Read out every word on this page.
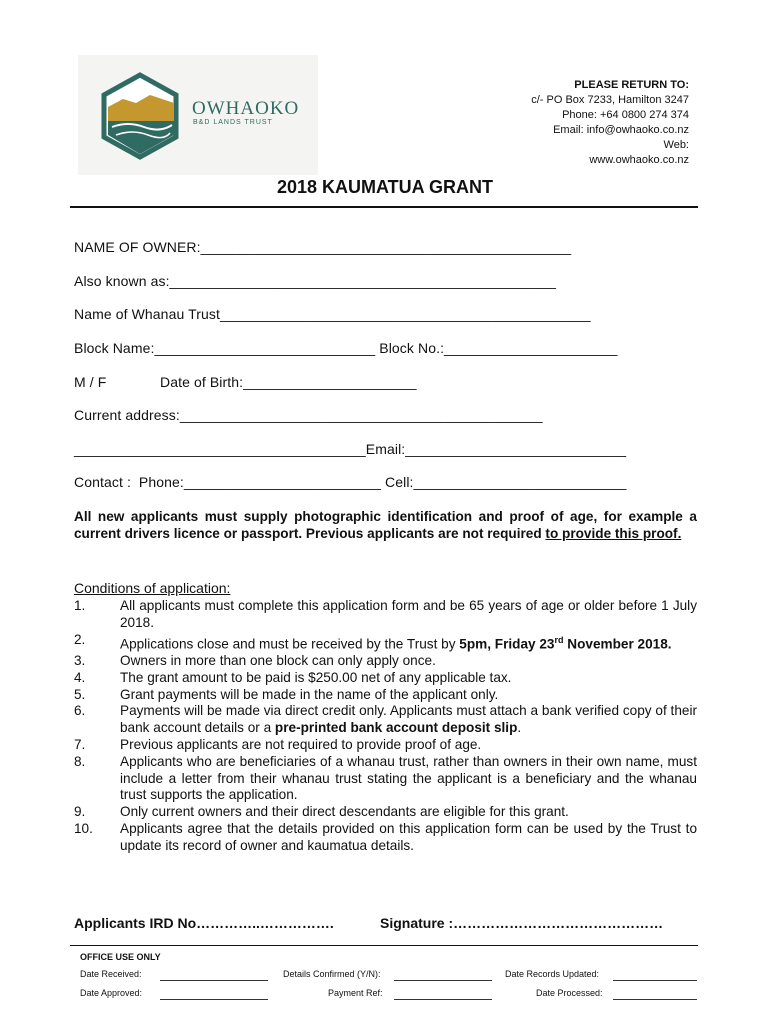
OWHAOKO
B&D LANDS TRUST
PLEASE RETURN TO:
c/- PO Box 7233, Hamilton 3247
Phone: +64 0800 274 374
Email: info@owhaoko.co.nz
Web:
www.owhaoko.co.nz
2018 KAUMATUA GRANT
NAME OF OWNER:_______________________________________________
Also known as:_________________________________________________
Name of Whanau Trust_______________________________________________
Block Name:____________________________ Block No.:______________________
M / F	Date of Birth:______________________
Current address:______________________________________________
_____________________________________Email:____________________________
Contact :  Phone:_________________________ Cell:___________________________
All new applicants must supply photographic identification and proof of age, for example a current drivers licence or passport. Previous applicants are not required to provide this proof.
Conditions of application:
1.	All applicants must complete this application form and be 65 years of age or older before 1 July 2018.
2.	Applications close and must be received by the Trust by 5pm, Friday 23rd November 2018.
3.	Owners in more than one block can only apply once.
4.	The grant amount to be paid is $250.00 net of any applicable tax.
5.	Grant payments will be made in the name of the applicant only.
6.	Payments will be made via direct credit only. Applicants must attach a bank verified copy of their bank account details or a pre-printed bank account deposit slip.
7.	Previous applicants are not required to provide proof of age.
8.	Applicants who are beneficiaries of a whanau trust, rather than owners in their own name, must include a letter from their whanau trust stating the applicant is a beneficiary and the whanau trust supports the application.
9.	Only current owners and their direct descendants are eligible for this grant.
10.	Applicants agree that the details provided on this application form can be used by the Trust to update its record of owner and kaumatua details.
Applicants IRD No…………..…………….	Signature :………………………………………
OFFICE USE ONLY
Date Received:	Details Confirmed (Y/N):	Date Records Updated:
Date Approved:	Payment Ref:	Date Processed:
